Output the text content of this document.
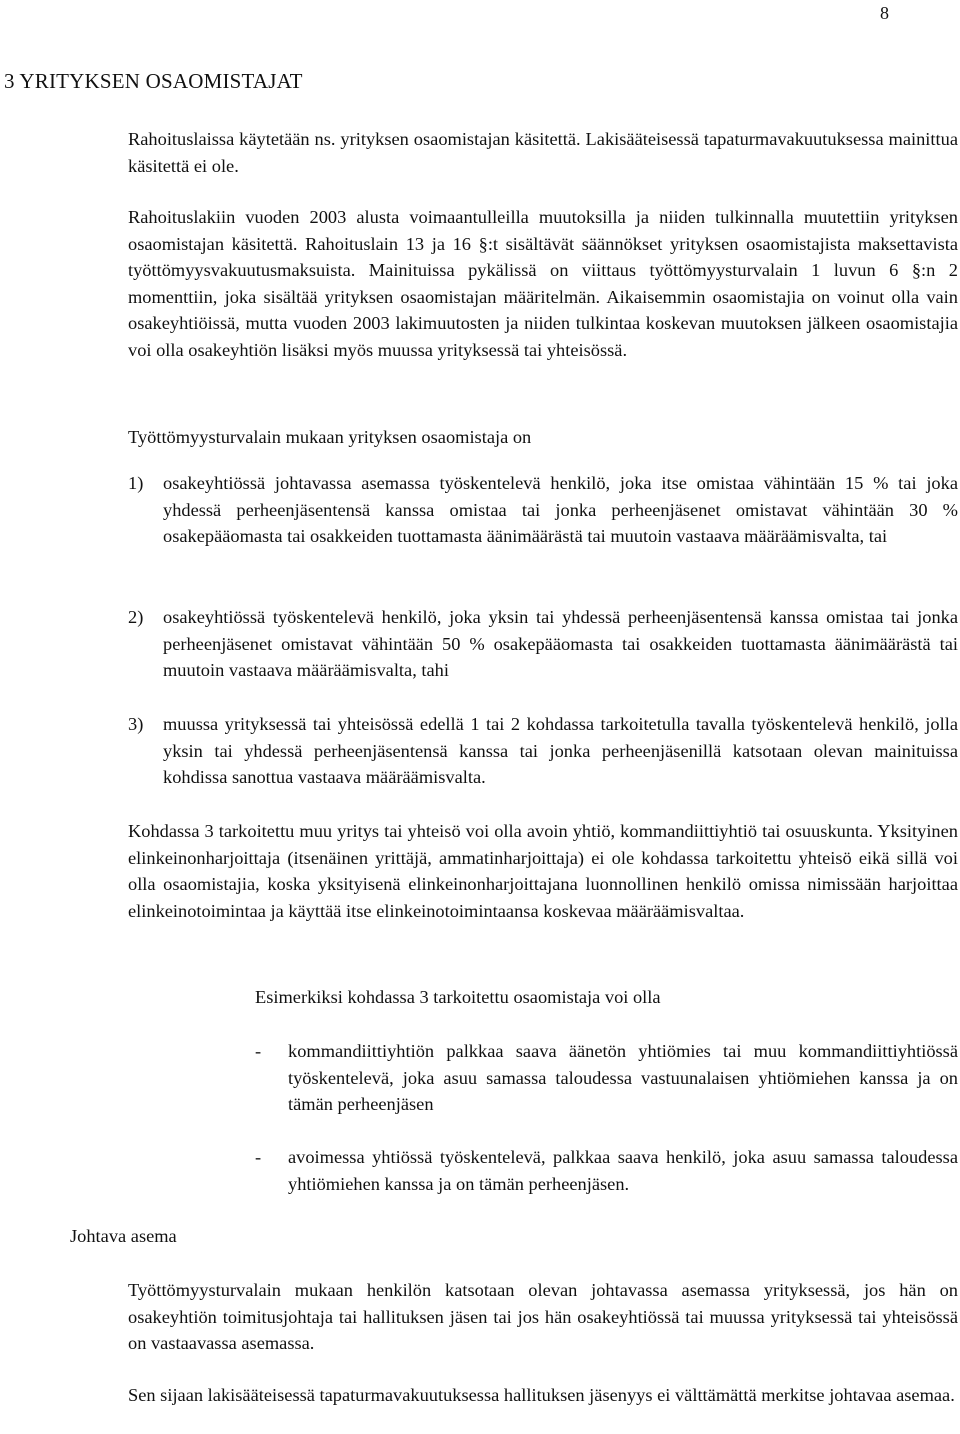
8
3 YRITYKSEN OSAOMISTAJAT

Rahoituslaissa käytetään ns. yrityksen osaomistajan käsitettä. Lakisääteisessä tapaturmavakuutuksessa mainittua käsitettä ei ole.

Rahoituslakiin vuoden 2003 alusta voimaantulleilla muutoksilla ja niiden tulkinnalla muutettiin yrityksen osaomistajan käsitettä. Rahoituslain 13 ja 16 §:t sisältävät säännökset yrityksen osaomistajista maksettavista työttömyysvakuutusmaksuista. Mainituissa pykälissä on viittaus työttömyysturvalain 1 luvun 6 §:n 2 momenttiin, joka sisältää yrityksen osaomistajan määritelmän. Aikaisemmin osaomistajia on voinut olla vain osakeyhtiöissä, mutta vuoden 2003 lakimuutosten ja niiden tulkintaa koskevan muutoksen jälkeen osaomistajia voi olla osakeyhtiön lisäksi myös muussa yrityksessä tai yhteisössä.

Työttömyysturvalain mukaan yrityksen osaomistaja on

1) osakeyhtiössä johtavassa asemassa työskentelevä henkilö, joka itse omistaa vähintään 15 % tai joka yhdessä perheenjäsentensä kanssa omistaa tai jonka perheenjäsenet omistavat vähintään 30 % osakepääomasta tai osakkeiden tuottamasta äänimäärästä tai muutoin vastaava määräämisvalta, tai
2) osakeyhtiössä työskentelevä henkilö, joka yksin tai yhdessä perheenjäsentensä kanssa omistaa tai jonka perheenjäsenet omistavat vähintään 50 % osakepääomasta tai osakkeiden tuottamasta äänimäärästä tai muutoin vastaava määräämisvalta, tahi
3) muussa yrityksessä tai yhteisössä edellä 1 tai 2 kohdassa tarkoitetulla tavalla työskentelevä henkilö, jolla yksin tai yhdessä perheenjäsentensä kanssa tai jonka perheenjäsenillä katsotaan olevan mainituissa kohdissa sanottua vastaava määräämisvalta.

Kohdassa 3 tarkoitettu muu yritys tai yhteisö voi olla avoin yhtiö, kommandiittiyhtiö tai osuuskunta. Yksityinen elinkeinonharjoittaja (itsenäinen yrittäjä, ammatinharjoittaja) ei ole kohdassa tarkoitettu yhteisö eikä sillä voi olla osaomistajia, koska yksityisenä elinkeinonharjoittajana luonnollinen henkilö omissa nimissään harjoittaa elinkeinotoimintaa ja käyttää itse elinkeinotoimintaansa koskevaa määräämisvaltaa.

Esimerkiksi kohdassa 3 tarkoitettu osaomistaja voi olla

- kommandiittiyhtiön palkkaa saava äänetön yhtiömies tai muu kommandiittiyhtiössä työskentelevä, joka asuu samassa taloudessa vastuunalaisen yhtiömiehen kanssa ja on tämän perheenjäsen
- avoimessa yhtiössä työskentelevä, palkkaa saava henkilö, joka asuu samassa taloudessa yhtiömiehen kanssa ja on tämän perheenjäsen.

Johtava asema

Työttömyysturvalain mukaan henkilön katsotaan olevan johtavassa asemassa yrityksessä, jos hän on osakeyhtiön toimitusjohtaja tai hallituksen jäsen tai jos hän osakeyhtiössä tai muussa yrityksessä tai yhteisössä on vastaavassa asemassa.

Sen sijaan lakisääteisessä tapaturmavakuutuksessa hallituksen jäsenyys ei välttämättä merkitse johtavaa asemaa.
